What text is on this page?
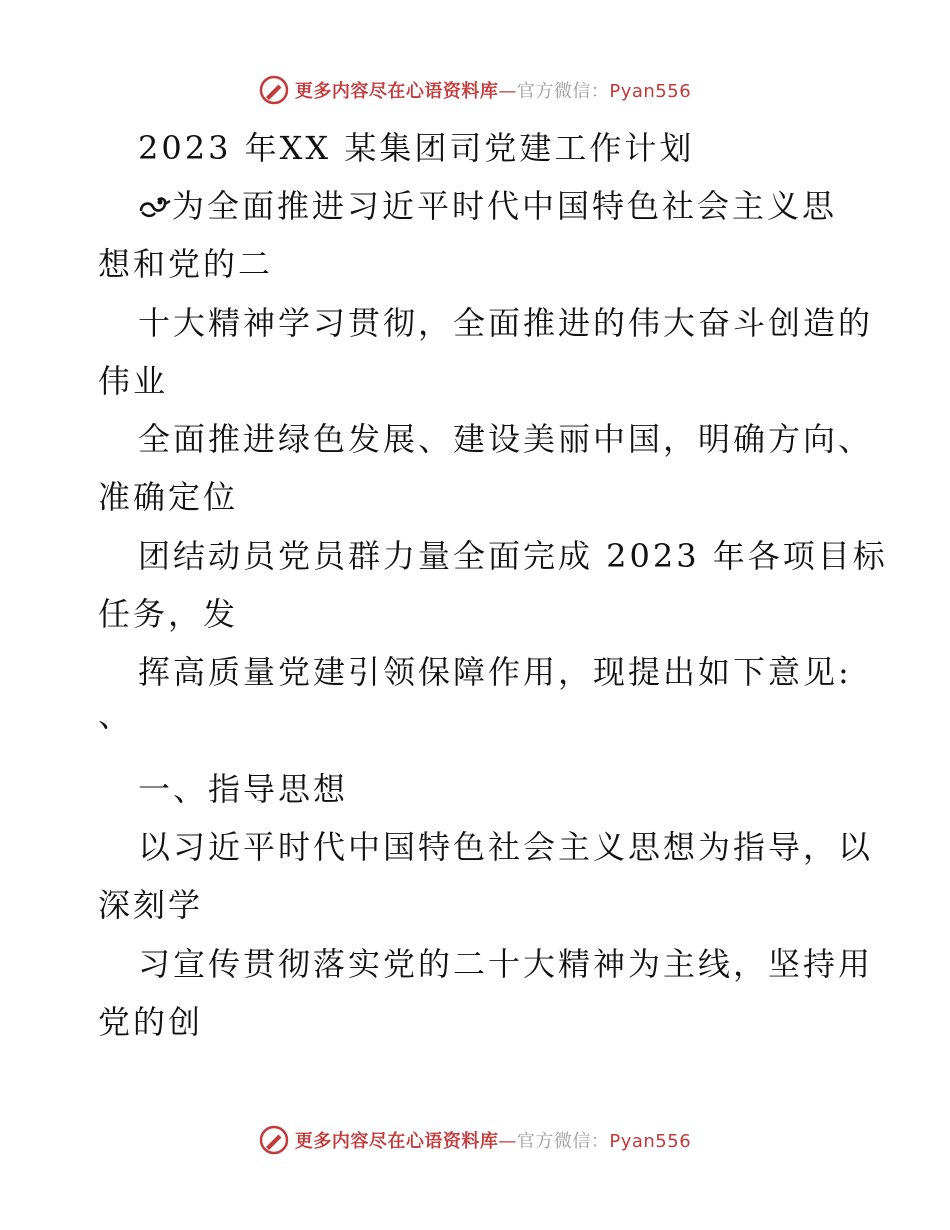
更多内容尽在心语资料库—官方微信：Pyan556
2023 年XX 某集团司党建工作计划
为全面推进习近平时代中国特色社会主义思
想和党的二
十大精神学习贯彻，全面推进的伟大奋斗创造的
伟业
全面推进绿色发展、建设美丽中国，明确方向、
准确定位
团结动员党员群力量全面完成 2023 年各项目标
任务，发
挥高质量党建引领保障作用，现提出如下意见:
、
一、指导思想
以习近平时代中国特色社会主义思想为指导，以
深刻学
习宣传贯彻落实党的二十大精神为主线，坚持用
党的创
更多内容尽在心语资料库—官方微信：Pyan556
